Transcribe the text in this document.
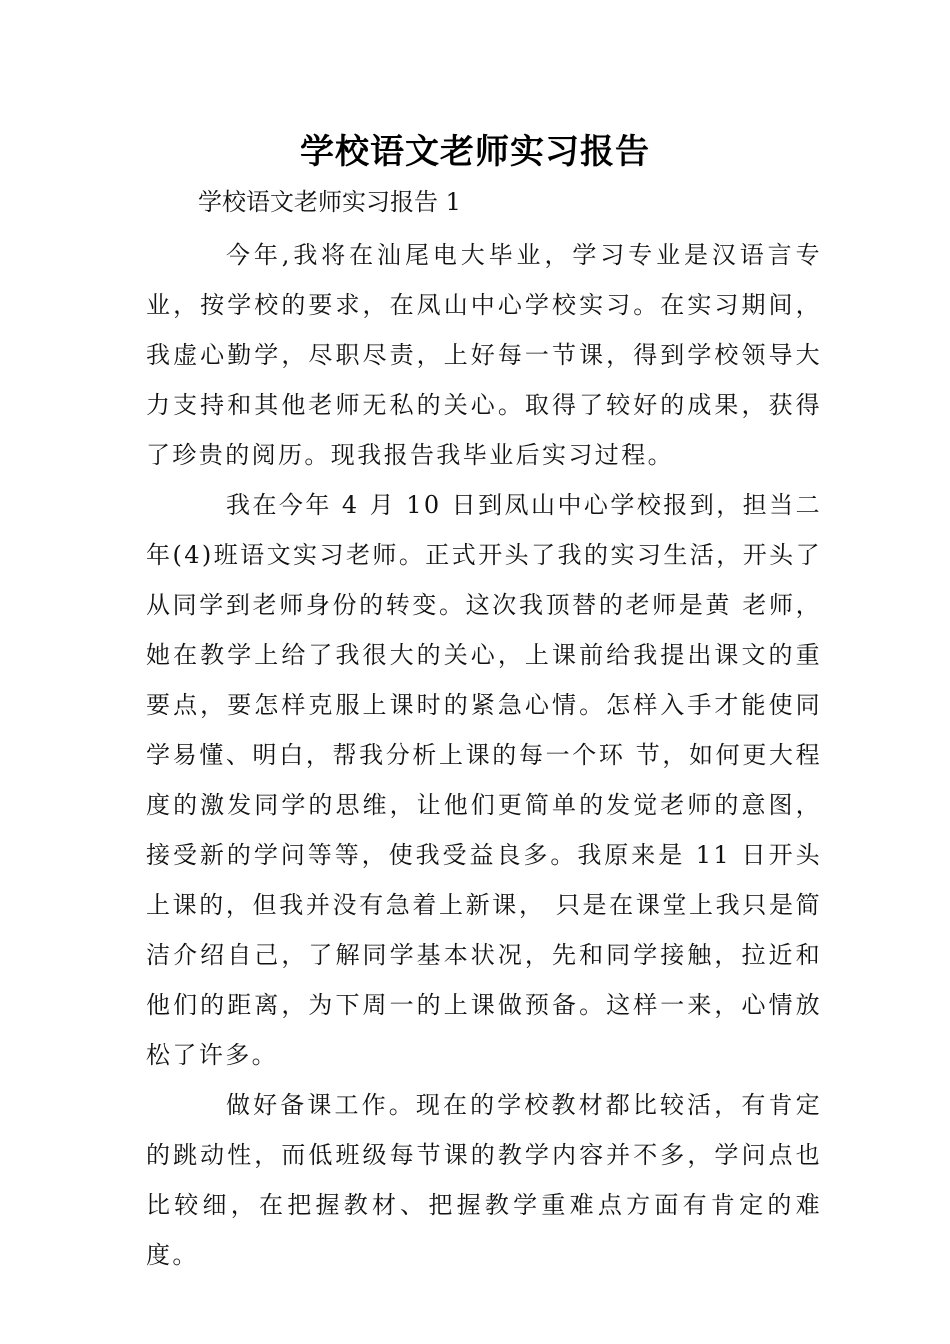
学校语文老师实习报告
学校语文老师实习报告 1

今年,我将在汕尾电大毕业，学习专业是汉语言专业，按学校的要求，在凤山中心学校实习。在实习期间，我虚心勤学，尽职尽责，上好每一节课，得到学校领导大力支持和其他老师无私的关心。取得了较好的成果，获得了珍贵的阅历。现我报告我毕业后实习过程。

我在今年 4 月 10 日到凤山中心学校报到，担当二年(4)班语文实习老师。正式开头了我的实习生活，开头了从同学到老师身份的转变。这次我顶替的老师是黄 老师，她在教学上给了我很大的关心，上课前给我提出课文的重要点，要怎样克服上课时的紧急心情。怎样入手才能使同学易懂、明白，帮我分析上课的每一个环 节，如何更大程度的激发同学的思维，让他们更简单的发觉老师的意图，接受新的学问等等，使我受益良多。我原来是 11 日开头上课的，但我并没有急着上新课， 只是在课堂上我只是简洁介绍自己，了解同学基本状况，先和同学接触，拉近和他们的距离，为下周一的上课做预备。这样一来，心情放松了许多。

做好备课工作。现在的学校教材都比较活，有肯定的跳动性，而低班级每节课的教学内容并不多，学问点也比较细，在把握教材、把握教学重难点方面有肯定的难 度。
